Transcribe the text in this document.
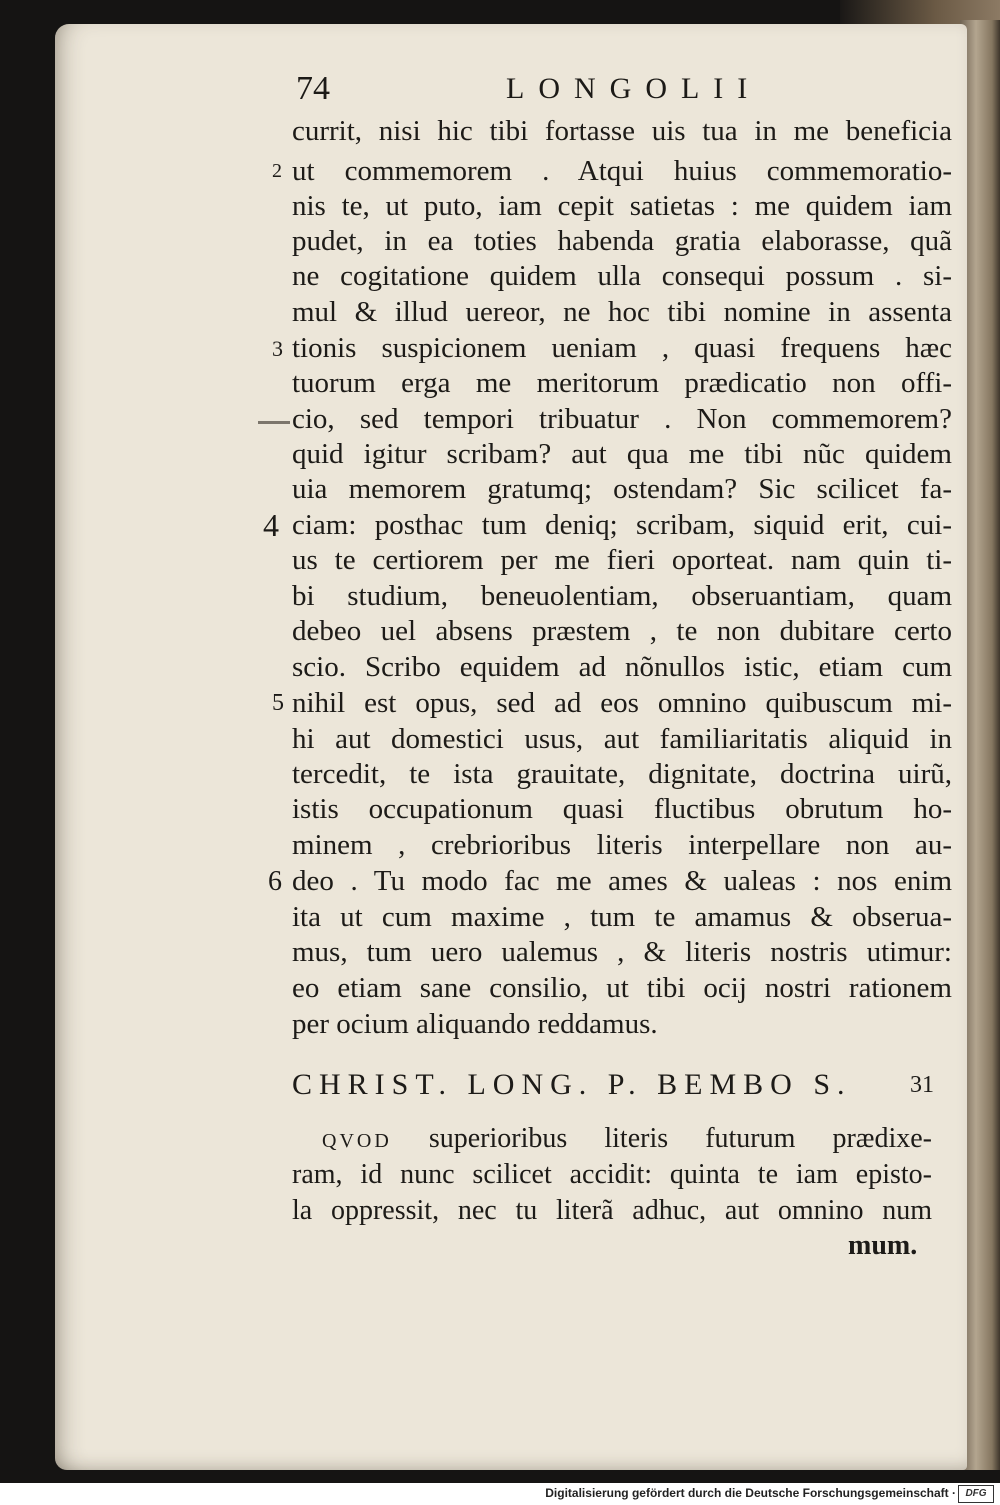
74	LONGOLII
currit, nisi hic tibi fortasse uis tua in me beneficia
ut commemorem . Atqui huius commemoratio-
nis te, ut puto, iam cepit satietas : me quidem iam
pudet, in ea toties habenda gratia elaborasse, quã
ne cogitatione quidem ulla consequi possum . si-
mul & illud uereor, ne hoc tibi nomine in assenta
tionis suspicionem ueniam , quasi frequens hæc
tuorum erga me meritorum prædicatio non offi-
cio, sed tempori tribuatur . Non commemorem?
quid igitur scribam? aut qua me tibi nũc quidem
uia memorem gratumq; ostendam? Sic scilicet fa-
ciam: posthac tum deniq; scribam, siquid erit, cui-
us te certiorem per me fieri oporteat. nam quin ti-
bi studium, beneuolentiam, obseruantiam, quam
debeo uel absens præstem , te non dubitare certo
scio. Scribo equidem ad nõnullos istic, etiam cum
nihil est opus, sed ad eos omnino quibuscum mi-
hi aut domestici usus, aut familiaritatis aliquid in
tercedit, te ista grauitate, dignitate, doctrina uirũ,
istis occupationum quasi fluctibus obrutum ho-
minem , crebrioribus literis interpellare non au-
deo . Tu modo fac me ames & ualeas : nos enim
ita ut cum maxime , tum te amamus & obserua-
mus, tum uero ualemus , & literis nostris utimur:
eo etiam sane consilio, ut tibi ocij nostri rationem
per ocium aliquando reddamus.
2
3
4
5
6
CHRIST. LONG. P. BEMBO S.	31
QVOD superioribus literis futurum prædixe-
ram, id nunc scilicet accidit: quinta te iam episto-
la oppressit, nec tu literã adhuc, aut omnino num
mum.
Digitalisierung gefördert durch die Deutsche Forschungsgemeinschaft · DFG
